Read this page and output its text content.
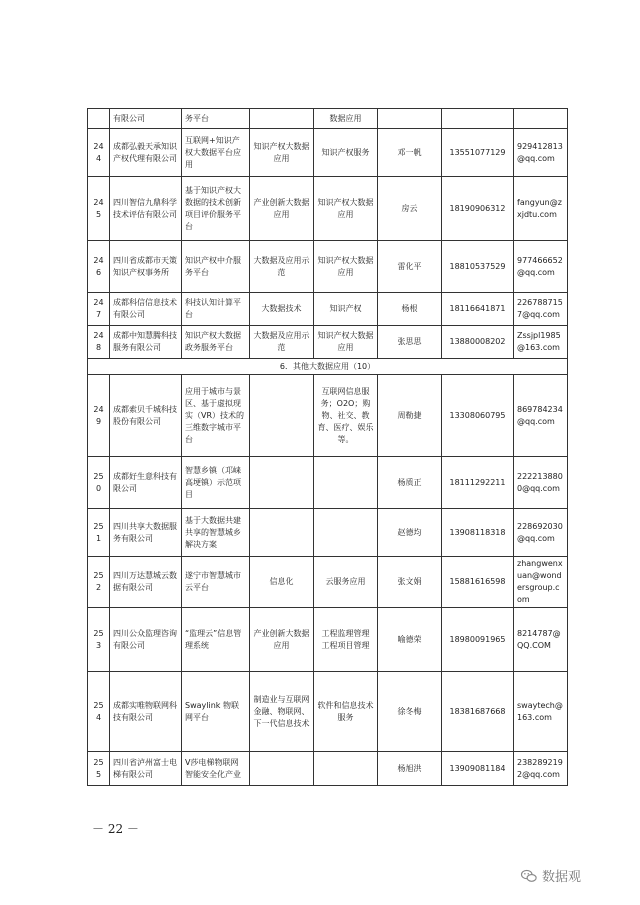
	有限公司	务平台		数据应用			
244	成都弘毅天承知识产权代理有限公司	互联网+知识产权大数据平台应用	知识产权大数据应用	知识产权服务	邓一帆	13551077129	929412813@qq.com
245	四川智信九鼎科学技术评估有限公司	基于知识产权大数据的技术创新项目评价服务平台	产业创新大数据应用	知识产权大数据应用	房云	18190906312	fangyun@zxjdtu.com
246	四川省成都市天策知识产权事务所	知识产权中介服务平台	大数据及应用示范	知识产权大数据应用	雷化平	18810537529	977466652@qq.com
247	成都科信信息技术有限公司	科技认知计算平台	大数据技术	知识产权	杨根	18116641871	2267887157@qq.com
248	成都中知慧腾科技服务有限公司	知识产权大数据政务服务平台	大数据及应用示范	知识产权大数据应用	张思思	13880008202	Zssjpl1985@163.com
6．其他大数据应用（10）							
249	成都索贝千城科技股份有限公司	应用于城市与景区、基于虚拟现实（VR）技术的三维数字城市平台		互联网信息服务；O2O；购物、社交、教育、医疗、娱乐等。	周勒捷	13308060795	869784234@qq.com
250	成都好生意科技有限公司	智慧乡镇（邛崃高埂镇）示范项目			杨质正	18111292211	2222138800@qq.com
251	四川共享大数据服务有限公司	基于大数据共建共享的智慧城乡解决方案			赵德均	13908118318	228692030@qq.com
252	四川万达慧城云数据有限公司	遂宁市智慧城市云平台	信息化	云服务应用	张文娟	15881616598	zhangwenxuan@wondersgroup.com
253	四川公众监理咨询有限公司	“监理云”信息管理系统	产业创新大数据应用	工程监理管理 工程项目管理	喻德荣	18980091965	8214787@QQ.COM
254	成都实唯物联网科技有限公司	Swaylink 物联网平台	制造业与互联网金融、物联网、下一代信息技术	软件和信息技术服务	徐冬梅	18381687668	swaytech@163.com
255	四川省泸州富士电梯有限公司	V莎电梯物联网智能安全化产业			杨旭洪	13909081184	2382892192@qq.com
－ 22 －
数据观
